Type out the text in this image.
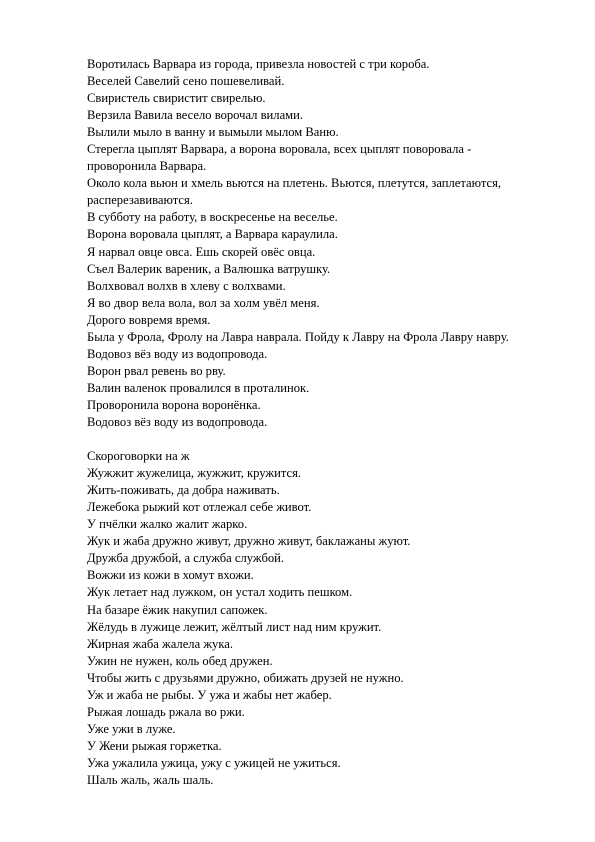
Воротилась Варвара из города, привезла новостей с три короба.
Веселей Савелий сено пошевеливай.
Свиристель свиристит свирелью.
Верзила Вавила весело ворочал вилами.
Вылили мыло в ванну и вымыли мылом Ваню.
Стерегла цыплят Варвара, а ворона воровала, всех цыплят поворовала -
проворонила Варвара.
Около кола вьюн и хмель вьются на плетень. Вьются, плетутся, заплетаются,
расперезавиваются.
В субботу на работу, в воскресенье на веселье.
Ворона воровала цыплят, а Варвара караулила.
Я нарвал овце овса. Ешь скорей овёс овца.
Съел Валерик вареник, а Валюшка ватрушку.
Волхвовал волхв в хлеву с волхвами.
Я во двор вела вола, вол за холм увёл меня.
Дорого вовремя время.
Была у Фрола, Фролу на Лавра наврала. Пойду к Лавру на Фрола Лавру навру.
Водовоз вёз воду из водопровода.
Ворон рвал ревень во рву.
Валин валенок провалился в проталинок.
Проворонила ворона воронёнка.
Водовоз вёз воду из водопровода.
Скороговорки на ж
Жужжит жужелица, жужжит, кружится.
Жить-поживать, да добра наживать.
Лежебока рыжий кот отлежал себе живот.
У пчёлки жалко жалит жарко.
Жук и жаба дружно живут, дружно живут, баклажаны жуют.
Дружба дружбой, а служба службой.
Вожжи из кожи в хомут вхожи.
Жук летает над лужком, он устал ходить пешком.
На базаре ёжик накупил сапожек.
Жёлудь в лужице лежит, жёлтый лист над ним кружит.
Жирная жаба жалела жука.
Ужин не нужен, коль обед дружен.
Чтобы жить с друзьями дружно, обижать друзей не нужно.
Уж и жаба не рыбы. У ужа и жабы нет жабер.
Рыжая лошадь ржала во ржи.
Уже ужи в луже.
У Жени рыжая горжетка.
Ужа ужалила ужица, ужу с ужицей не ужиться.
Шаль жаль, жаль шаль.
